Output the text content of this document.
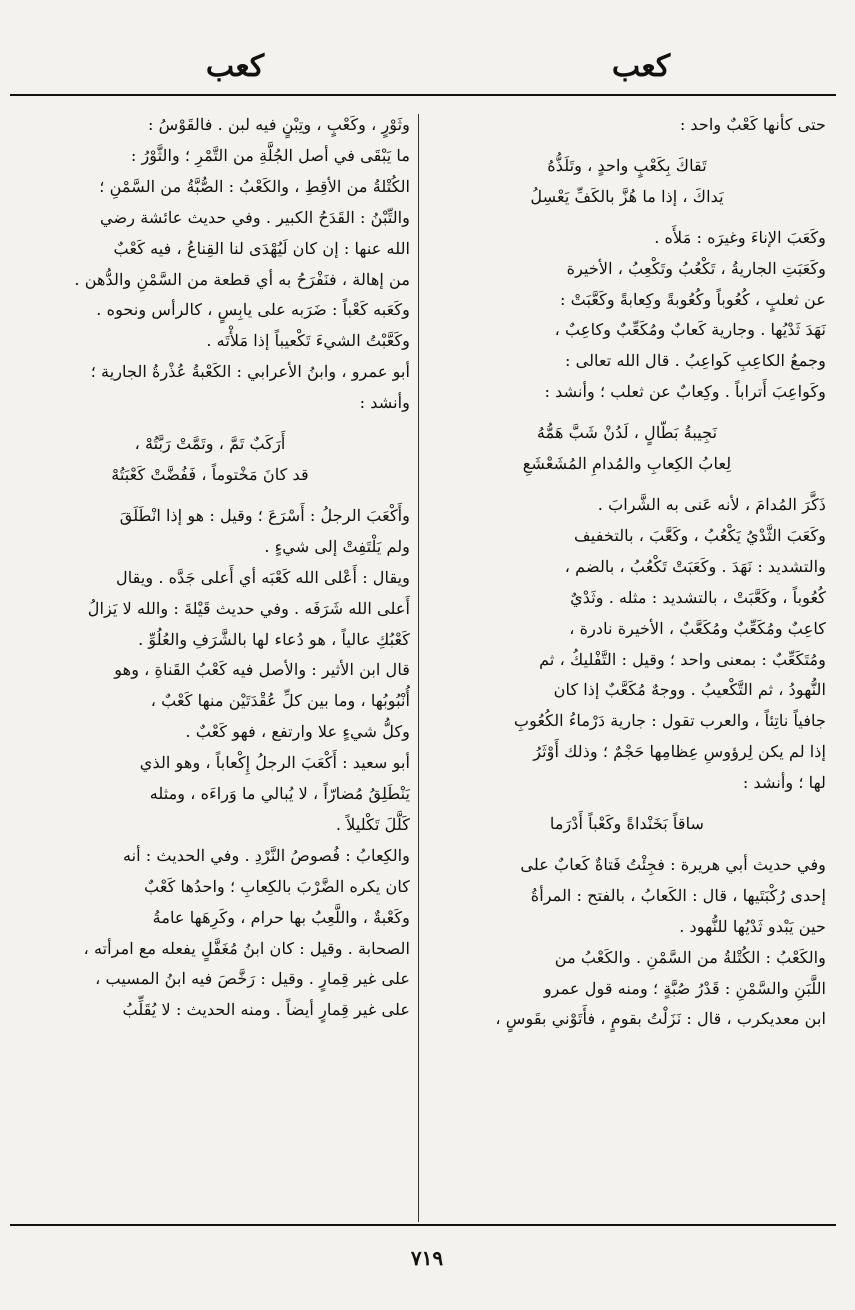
كعب
كعب

حتى كأنها كَعْبٌ واحد :

تَقاكَ بِكَعْبٍ واحدٍ ، وتَلَذُّهُ

يَداكَ ، إذا ما هُزَّ بالكَفِّ يَعْسِلُ

وكَعَبَ الإناءَ وغيرَه : مَلأَه .

وكَعَبَتِ الجاريةُ ، تَكْعُبُ وتَكْعِبُ ، الأخيرة

عن ثعلبٍ ، كُعُوباً وكُعُوبةً وكِعابةً وكَعَّبَتْ :

نَهَدَ ثَدْيُها . وجارية كَعابٌ ومُكَعِّبٌ وكاعِبٌ ،

وجمعُ الكاعِبِ كَواعِبُ . قال الله تعالى :

وكَواعِبَ أَتراباً . وكِعابٌ عن ثعلب ؛ وأنشد :

نَجِيبةُ بَطّالٍ ، لَدُنْ شَبَّ هَمُّهُ

لِعابُ الكِعابِ والمُدامِ المُشَعْشَعِ

ذَكَّرَ المُدامَ ، لأنه عَنى به الشَّرابَ .

وكَعَبَ الثَّدْيُ يَكْعُبُ ، وكَعَّبَ ، بالتخفيف

والتشديد : نَهَدَ . وكَعَبَتْ تَكْعُبُ ، بالضم ،

كُعُوباً ، وكَعَّبَتْ ، بالتشديد : مثله . وثَدْيٌ

كاعِبٌ ومُكَعِّبٌ ومُكَعَّبٌ ، الأخيرة نادرة ،

ومُتَكَعِّبٌ : بمعنى واحد ؛ وقيل : التَّفْليكُ ، ثم

النُّهودُ ، ثم التَّكْعيبُ . ووجهٌ مُكَعَّبٌ إذا كان

جافياً ناتِئاً ، والعرب تقول : جارية دَرْماءُ الكُعُوبِ

إذا لم يكن لِرؤوسِ عِظامِها حَجْمٌ ؛ وذلك أَوْثَرُ

لها ؛ وأنشد :

ساقاً بَخَنْداةً وكَعْباً أَدْرَما

وفي حديث أبي هريرة : فجِئْتُ فَتاةٌ كَعابٌ على

إحدى رُكْبَتَيها ، قال : الكَعابُ ، بالفتح : المرأةُ

حين يَبْدو ثَدْيُها للنُّهود .

والكَعْبُ : الكُتْلةُ من السَّمْنِ . والكَعْبُ من

اللَّبَنِ والسَّمْنِ : قَدْرُ صُبَّةٍ ؛ ومنه قول عمرو

ابن معديكرب ، قال : نَزَلْتُ بقومٍ ، فأَتَوْني بقَوسٍ ،

وثَوْرٍ ، وكَعْبٍ ، وتِبْنٍ فيه لبن . فالقَوْسُ :

ما يَبْقَى في أصل الجُلَّةِ من التَّمْرِ ؛ والثَّوْرُ :

الكُتْلةُ من الأقِطِ ، والكَعْبُ : الصُّبَّةُ من السَّمْنِ ؛

والتِّبْنُ : القَدَحُ الكبير . وفي حديث عائشة رضي

الله عنها : إن كان لَيُهْدَى لنا القِناعُ ، فيه كَعْبٌ

من إهالة ، فنَفْرَحُ به أي قطعة من السَّمْنِ والدُّهن .

وكَعَبه كَعْباً : ضَرَبه على يابِسٍ ، كالرأس ونحوه .

وكَعَّبْتُ الشيءَ تَكْعيباً إذا مَلأْتَه .

أبو عمرو ، وابنُ الأعرابي : الكَعْبةُ عُذْرةُ الجارية ؛

وأنشد :

أَرَكَبٌ تَمَّ ، وتَمَّتْ رَبَّتُهْ ،

قد كانَ مَخْتوماً ، فَفُضَّتْ كَعْبَتُهْ

وأَكْعَبَ الرجلُ : أَسْرَعَ ؛ وقيل : هو إذا انْطَلَقَ

ولم يَلْتَفِتْ إلى شيءٍ .

ويقال : أَعْلى الله كَعْبَه أي أَعلى جَدَّه . ويقال

أَعلى الله شَرَفَه . وفي حديث قَيْلةَ : والله لا يَزالُ

كَعْبُكِ عالياً ، هو دُعاء لها بالشَّرَفِ والعُلُوِّ .

قال ابن الأثير : والأصل فيه كَعْبُ القَناةِ ، وهو

أُنْبُوبُها ، وما بين كلِّ عُقْدَتَيْن منها كَعْبٌ ،

وكلُّ شيءٍ علا وارتفع ، فهو كَعْبٌ .

أبو سعيد : أَكْعَبَ الرجلُ إِكْعاباً ، وهو الذي

يَنْطَلِقُ مُضارّاً ، لا يُبالي ما وَراءَه ، ومثله

كَلَّلَ تَكْليلاً .

والكِعابُ : فُصوصُ النَّرْدِ . وفي الحديث : أنه

كان يكره الضَّرْبَ بالكِعابِ ؛ واحدُها كَعْبٌ

وكَعْبةٌ ، واللَّعِبُ بها حرام ، وكَرِهَها عامةُ

الصحابة . وقيل : كان ابنُ مُغَفَّلٍ يفعله مع امرأته ،

على غير قِمارٍ . وقيل : رَخَّصَ فيه ابنُ المسيب ،

على غير قِمارٍ أيضاً . ومنه الحديث : لا يُقَلِّبُ

٧١٩
